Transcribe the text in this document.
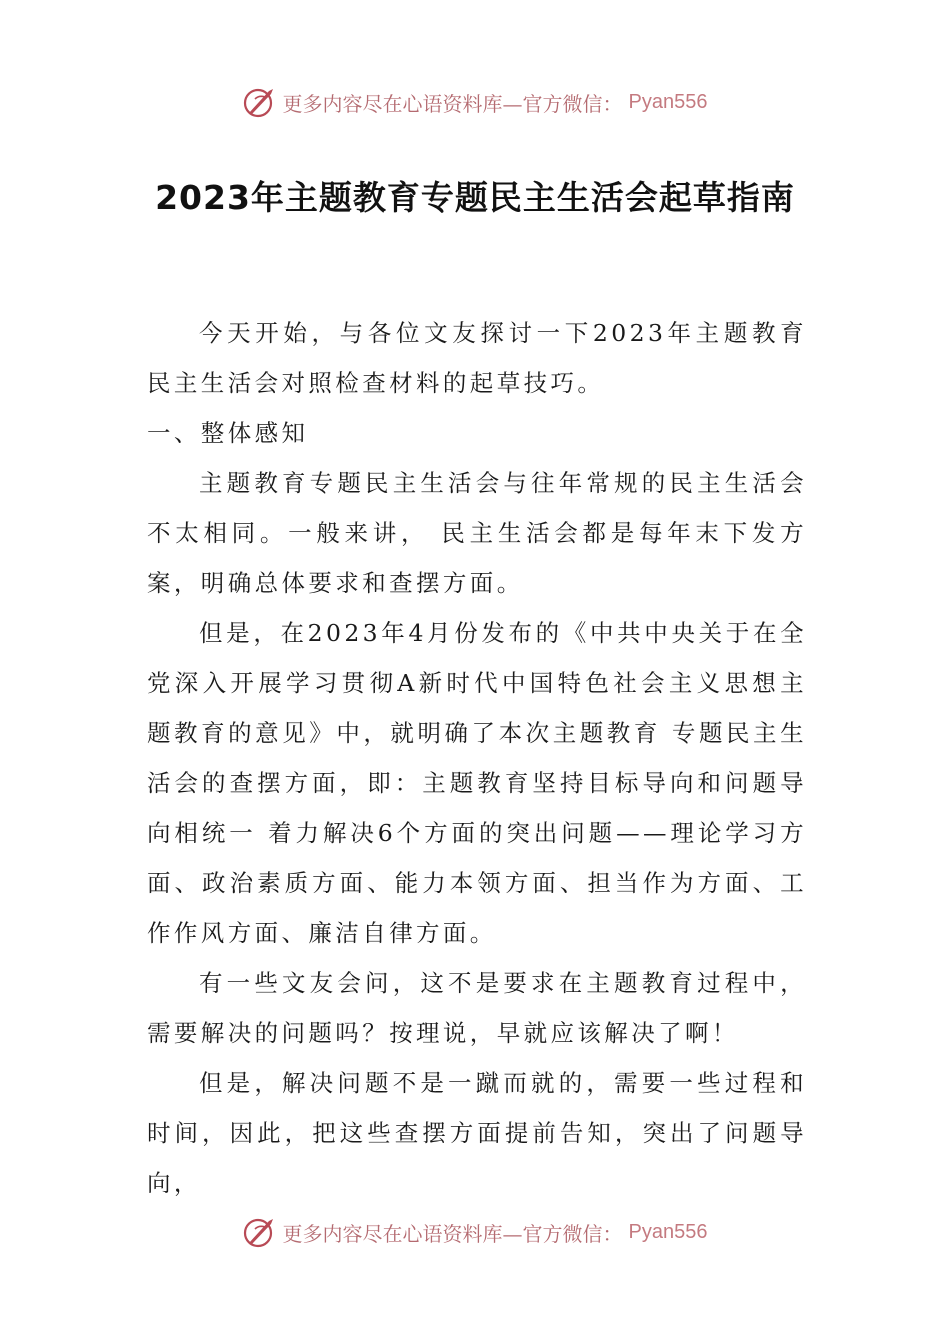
更多内容尽在心语资料库—官方微信： Pyan556
2023年主题教育专题民主生活会起草指南

今天开始，与各位文友探讨一下2023年主题教育民主生活会对照检查材料的起草技巧。

一、整体感知

主题教育专题民主生活会与往年常规的民主生活会不太相同。一般来讲， 民主生活会都是每年末下发方案，明确总体要求和查摆方面。

但是，在2023年4月份发布的《中共中央关于在全党深入开展学习贯彻A新时代中国特色社会主义思想主题教育的意见》中，就明确了本次主题教育 专题民主生活会的查摆方面，即：主题教育坚持目标导向和问题导向相统一 着力解决6个方面的突出问题——理论学习方面、政治素质方面、能力本领方面、担当作为方面、工作作风方面、廉洁自律方面。

有一些文友会问，这不是要求在主题教育过程中，需要解决的问题吗？按理说，早就应该解决了啊！

但是，解决问题不是一蹴而就的，需要一些过程和时间，因此，把这些查摆方面提前告知，突出了问题导向，

更多内容尽在心语资料库—官方微信： Pyan556
